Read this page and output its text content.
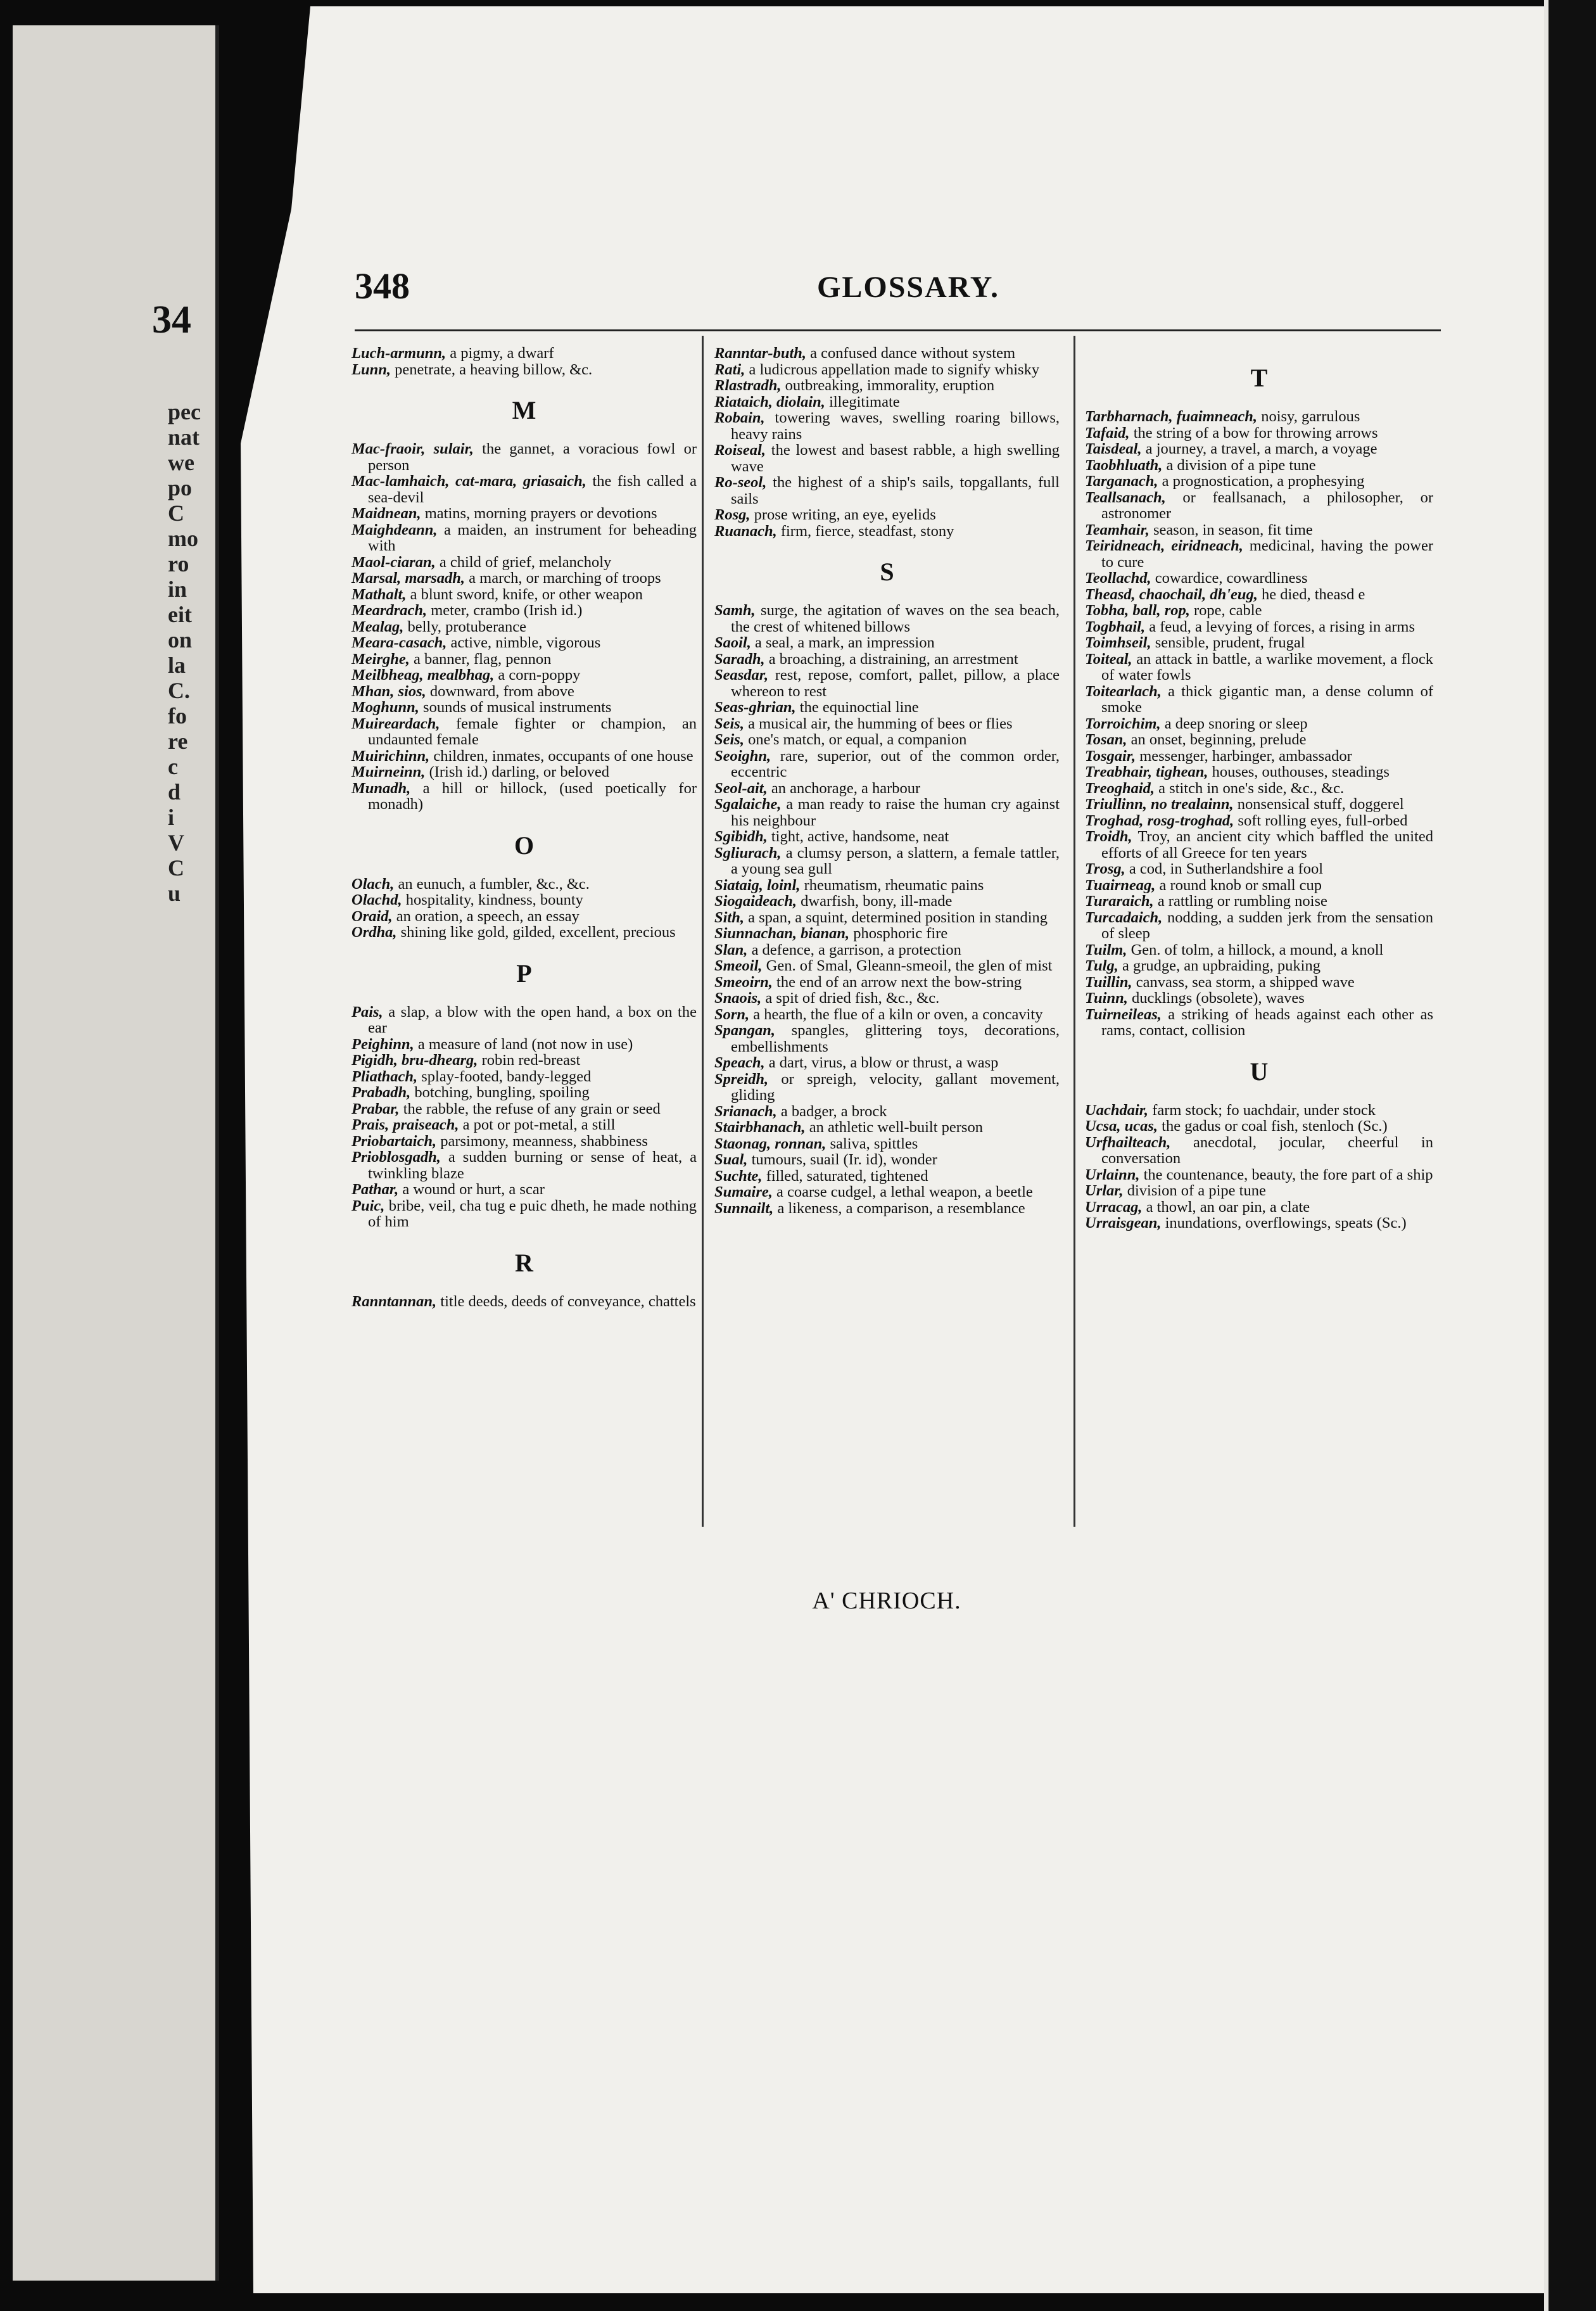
34
pec
nat
we
po
C
mo
ro
in
eit
on
la
C.
fo
re
c
d
i
V
C
u
348	GLOSSARY.

Luch-armunn, a pigmy, a dwarf

Lunn, penetrate, a heaving billow, &c.

M

Mac-fraoir, sulair, the gannet, a voracious fowl or person

Mac-lamhaich, cat-mara, griasaich, the fish called a sea-devil

Maidnean, matins, morning prayers or devotions

Maighdeann, a maiden, an instrument for beheading with

Maol-ciaran, a child of grief, melancholy

Marsal, marsadh, a march, or marching of troops

Mathalt, a blunt sword, knife, or other weapon

Meardrach, meter, crambo (Irish id.)

Mealag, belly, protuberance

Meara-casach, active, nimble, vigorous

Meirghe, a banner, flag, pennon

Meilbheag, mealbhag, a corn-poppy

Mhan, sios, downward, from above

Moghunn, sounds of musical instruments

Muireardach, female fighter or champion, an undaunted female

Muirichinn, children, inmates, occupants of one house

Muirneinn, (Irish id.) darling, or beloved

Munadh, a hill or hillock, (used poetically for monadh)

O

Olach, an eunuch, a fumbler, &c., &c.

Olachd, hospitality, kindness, bounty

Oraid, an oration, a speech, an essay

Ordha, shining like gold, gilded, excellent, precious

P

Pais, a slap, a blow with the open hand, a box on the ear

Peighinn, a measure of land (not now in use)

Pigidh, bru-dhearg, robin red-breast

Pliathach, splay-footed, bandy-legged

Prabadh, botching, bungling, spoiling

Prabar, the rabble, the refuse of any grain or seed

Prais, praiseach, a pot or pot-metal, a still

Priobartaich, parsimony, meanness, shabbiness

Prioblosgadh, a sudden burning or sense of heat, a twinkling blaze

Pathar, a wound or hurt, a scar

Puic, bribe, veil, cha tug e puic dheth, he made nothing of him

R

Ranntannan, title deeds, deeds of conveyance, chattels

Ranntar-buth, a confused dance without system

Rati, a ludicrous appellation made to signify whisky

Rlastradh, outbreaking, immorality, eruption

Riataich, diolain, illegitimate

Robain, towering waves, swelling roaring billows, heavy rains

Roiseal, the lowest and basest rabble, a high swelling wave

Ro-seol, the highest of a ship's sails, topgallants, full sails

Rosg, prose writing, an eye, eyelids

Ruanach, firm, fierce, steadfast, stony

S

Samh, surge, the agitation of waves on the sea beach, the crest of whitened billows

Saoil, a seal, a mark, an impression

Saradh, a broaching, a distraining, an arrestment

Seasdar, rest, repose, comfort, pallet, pillow, a place whereon to rest

Seas-ghrian, the equinoctial line

Seis, a musical air, the humming of bees or flies

Seis, one's match, or equal, a companion

Seoighn, rare, superior, out of the common order, eccentric

Seol-ait, an anchorage, a harbour

Sgalaiche, a man ready to raise the human cry against his neighbour

Sgibidh, tight, active, handsome, neat

Sgliurach, a clumsy person, a slattern, a female tattler, a young sea gull

Siataig, loinl, rheumatism, rheumatic pains

Siogaideach, dwarfish, bony, ill-made

Sith, a span, a squint, determined position in standing

Siunnachan, bianan, phosphoric fire

Slan, a defence, a garrison, a protection

Smeoil, Gen. of Smal, Gleann-smeoil, the glen of mist

Smeoirn, the end of an arrow next the bow-string

Snaois, a spit of dried fish, &c., &c.

Sorn, a hearth, the flue of a kiln or oven, a concavity

Spangan, spangles, glittering toys, decorations, embellishments

Speach, a dart, virus, a blow or thrust, a wasp

Spreidh, or spreigh, velocity, gallant movement, gliding

Srianach, a badger, a brock

Stairbhanach, an athletic well-built person

Staonag, ronnan, saliva, spittles

Sual, tumours, suail (Ir. id), wonder

Suchte, filled, saturated, tightened

Sumaire, a coarse cudgel, a lethal weapon, a beetle

Sunnailt, a likeness, a comparison, a resemblance

T

Tarbharnach, fuaimneach, noisy, garrulous

Tafaid, the string of a bow for throwing arrows

Taisdeal, a journey, a travel, a march, a voyage

Taobhluath, a division of a pipe tune

Targanach, a prognostication, a prophesying

Teallsanach, or feallsanach, a philosopher, or astronomer

Teamhair, season, in season, fit time

Teiridneach, eiridneach, medicinal, having the power to cure

Teollachd, cowardice, cowardliness

Theasd, chaochail, dh'eug, he died, theasd e

Tobha, ball, rop, rope, cable

Togbhail, a feud, a levying of forces, a rising in arms

Toimhseil, sensible, prudent, frugal

Toiteal, an attack in battle, a warlike movement, a flock of water fowls

Toitearlach, a thick gigantic man, a dense column of smoke

Torroichim, a deep snoring or sleep

Tosan, an onset, beginning, prelude

Tosgair, messenger, harbinger, ambassador

Treabhair, tighean, houses, outhouses, steadings

Treoghaid, a stitch in one's side, &c., &c.

Triullinn, no trealainn, nonsensical stuff, doggerel

Troghad, rosg-troghad, soft rolling eyes, full-orbed

Troidh, Troy, an ancient city which baffled the united efforts of all Greece for ten years

Trosg, a cod, in Sutherlandshire a fool

Tuairneag, a round knob or small cup

Turaraich, a rattling or rumbling noise

Turcadaich, nodding, a sudden jerk from the sensation of sleep

Tuilm, Gen. of tolm, a hillock, a mound, a knoll

Tulg, a grudge, an upbraiding, puking

Tuillin, canvass, sea storm, a shipped wave

Tuinn, ducklings (obsolete), waves

Tuirneileas, a striking of heads against each other as rams, contact, collision

U

Uachdair, farm stock; fo uachdair, under stock

Ucsa, ucas, the gadus or coal fish, stenloch (Sc.)

Urfhailteach, anecdotal, jocular, cheerful in conversation

Urlainn, the countenance, beauty, the fore part of a ship

Urlar, division of a pipe tune

Urracag, a thowl, an oar pin, a clate

Urraisgean, inundations, overflowings, speats (Sc.)

A' CHRIOCH.
